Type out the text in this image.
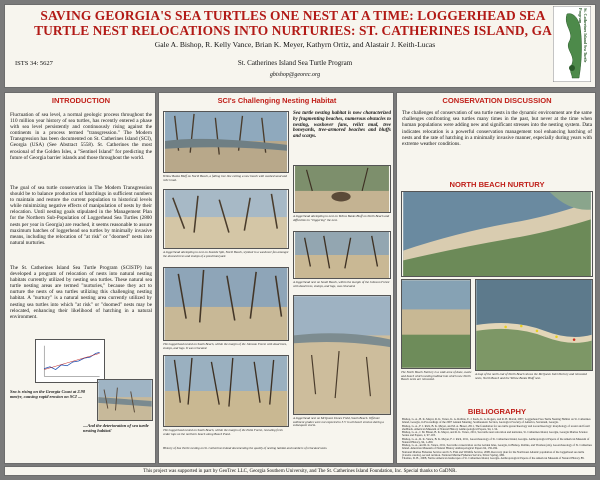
SAVING GEORGIA'S SEA TURTLES ONE NEST AT A TIME: LOGGERHEAD SEA TURTLE NEST RELOCATIONS INTO NURTURIES: ST. CATHERINES ISLAND, GA
Gale A. Bishop, R. Kelly Vance, Brian K. Meyer, Kathyrn Ortiz, and Alastair J. Keith-Lucas
St. Catherines Island Sea Turtle Program
gbishop@georec.org
ISTS 34: 5627
St. Catherines Island Sea Turtle Program
INTRODUCTION
Fluctuation of sea level, a normal geologic process throughout the 110 million year history of sea turtles, has recently entered a phase with sea level persistently and continuously rising against the continents in a process termed "transgression." The Modern Transgression has been documented on St. Catherines Island (SCI), Georgia (USA) (See Abstract 5558). St. Catherines the most erosional of the Golden Isles, a "Sentinel Island" for predicting the future of Georgia barrier islands and those throughout the world.
The goal of sea turtle conservation in The Modern Transgression should be to balance production of hatchlings in sufficient numbers to maintain and restore the current population to historical levels while minimizing negative effects of manipulation of nests by their relocation. Until nesting goals stipulated in the Management Plan for the Northern Sub-Population of Loggerhead Sea Turtles (2800 nests per year in Georgia) are reached, it seems reasonable to assure maximum hatches of loggerhead sea turtles by minimally invasive means, including the relocation of "at risk" or "doomed" nests into natural nurturies.
The St. Catherines Island Sea Turtle Program (SCISTP) has developed a program of relocation of nests into natural nesting habitats currently utilized by nesting sea turtles. These natural sea turtle nesting areas are termed "nurturies," because they act to nurture the nests of sea turtles utilizing this challenging nesting habitat. A "nurtury" is a natural nesting area currently utilized by nesting sea turtles into which "at risk" or "doomed" nests may be relocated, enhancing their likelihood of hatching in a natural environment.
Sea is rising on the Georgia Coast at 2.98 mm/yr, causing rapid erosion on SCI ....
....And the deterioration of sea turtle nesting habitat!
SCI's Challenging Nesting Habitat
Sea turtle nesting habitat is now characterized by fragmenting beaches, numerous obstacles to nesting, washover fans, relict mud, tree boneyards, tree-armored beaches and bluffs and scarps.
Yellow Banks Bluff on North Beach, a falling tree line cutting a new beach with washed sand and relict mud.
A loggerhead attempting to nest on Yellow Banks Bluff on North Beach and difficulties in "triggering" the nest.
A loggerhead attempting to nest on Seaside Spit, North Beach, stymied in a washover fan amongst the downed trees and stumps of a pond boneyard.
A loggerhead nest on South Beach, within the margin of the Johnson Forest with dead trees, stumps, and logs, was relocated.
This loggerhead nested on South Beach, within the margin of the Johnson Forest with dead trees, stumps, and logs. It was relocated.
A loggerhead nest on McQueen Dunes Field, South Beach. Offshore sediment grades were not expected to 3.5' in all beach erosion during a subsequent storm.
This loggerhead nested on South Beach, within the margin of the Palm Forest, revealing fresh cedar tops on the northern beach along Beach Pond.
History of Sea Turtle nesting on St. Catherines Island documenting the quality of nesting habitat and numbers of relocated nests.
CONSERVATION DISCUSSION
The challenges of conservation of sea turtle nests in the dynamic environment are the same challenges confronting sea turtles many times in the past, but never at the time when human populations were adding new and significant stresses into the nesting system. Data indicates relocation is a powerful conservation management tool enhancing hatching of nests and the rate of hatching in a minimally invasive manner, especially during years with extreme weather conditions.
NORTH BEACH NURTURY
The North Beach Nurtury is a wide area of dune, swale and beach which nesting habitat into which new North Beach nests are relocated.
A map of the north end of North Beach shows the McQueen Inlet Nurtury and relocated nests, North Beach and the Yellow Banks Bluff nest.
BIBLIOGRAPHY
Bishop, G. A., B. K. Meyer, R. K. Vance, K. A. Rollins, E. J. Keck, K. A. Rogers, and R. H. Marsh, 2007, Loggerhead Sea Turtle Nesting Habitat on St. Catherines Island, Georgia, in Proceedings of the 2007 Annual Meeting, Southeastern Section, Geological Society of America, Savannah, Georgia.
Bishop, G. A., F. J. Rich, B. K. Meyer, and M. A. Bisset, 2011, The foundation for sea turtle geoarchaeology and zooarchaeology: morphology of recent and fossil shellbeds. American Museum of Natural History Anthropological Papers, 94, 1-54.
Bishop, G. A., J. M. Bisset, B. K. Meyer, and R. K. Vance, 2011, Sea turtle nest relocation and nurturies, St. Catherines Island, Georgia, Georgia Marine Science Series and Papers, 2, 97-103.
Bishop, G. A., R. K. Vance, B. K. Meyer, F. J. Rich, 2011, Geoarchaeology of St. Catherines Island, Georgia. Anthropological Papers of the American Museum of Natural History, 94, 1-260.
Bishop, G. A., and R. K. Vance, 2011, Sea turtle conservation on the Golden Isles, Georgia, in Bishop, Rollins, and Thomas (eds), Geoarchaeology of St. Catherines Island. American Museum of Natural History Anthropological Papers 94, 159-184.
National Marine Fisheries Service and U.S. Fish and Wildlife Service, 2008, Recovery plan for the Northwest Atlantic population of the loggerhead sea turtle (Caretta caretta), second revision. National Marine Fisheries Service, Silver Spring, MD.
Thomas, D. H., 2008, Native American landscapes of St. Catherines Island, Georgia. Anthropological Papers of the American Museum of Natural History 88.
This project was supported in part by GeoTrec LLC, Georgia Southern University, and The St. Catherines Island Foundation, Inc. Special thanks to GaDNR.
